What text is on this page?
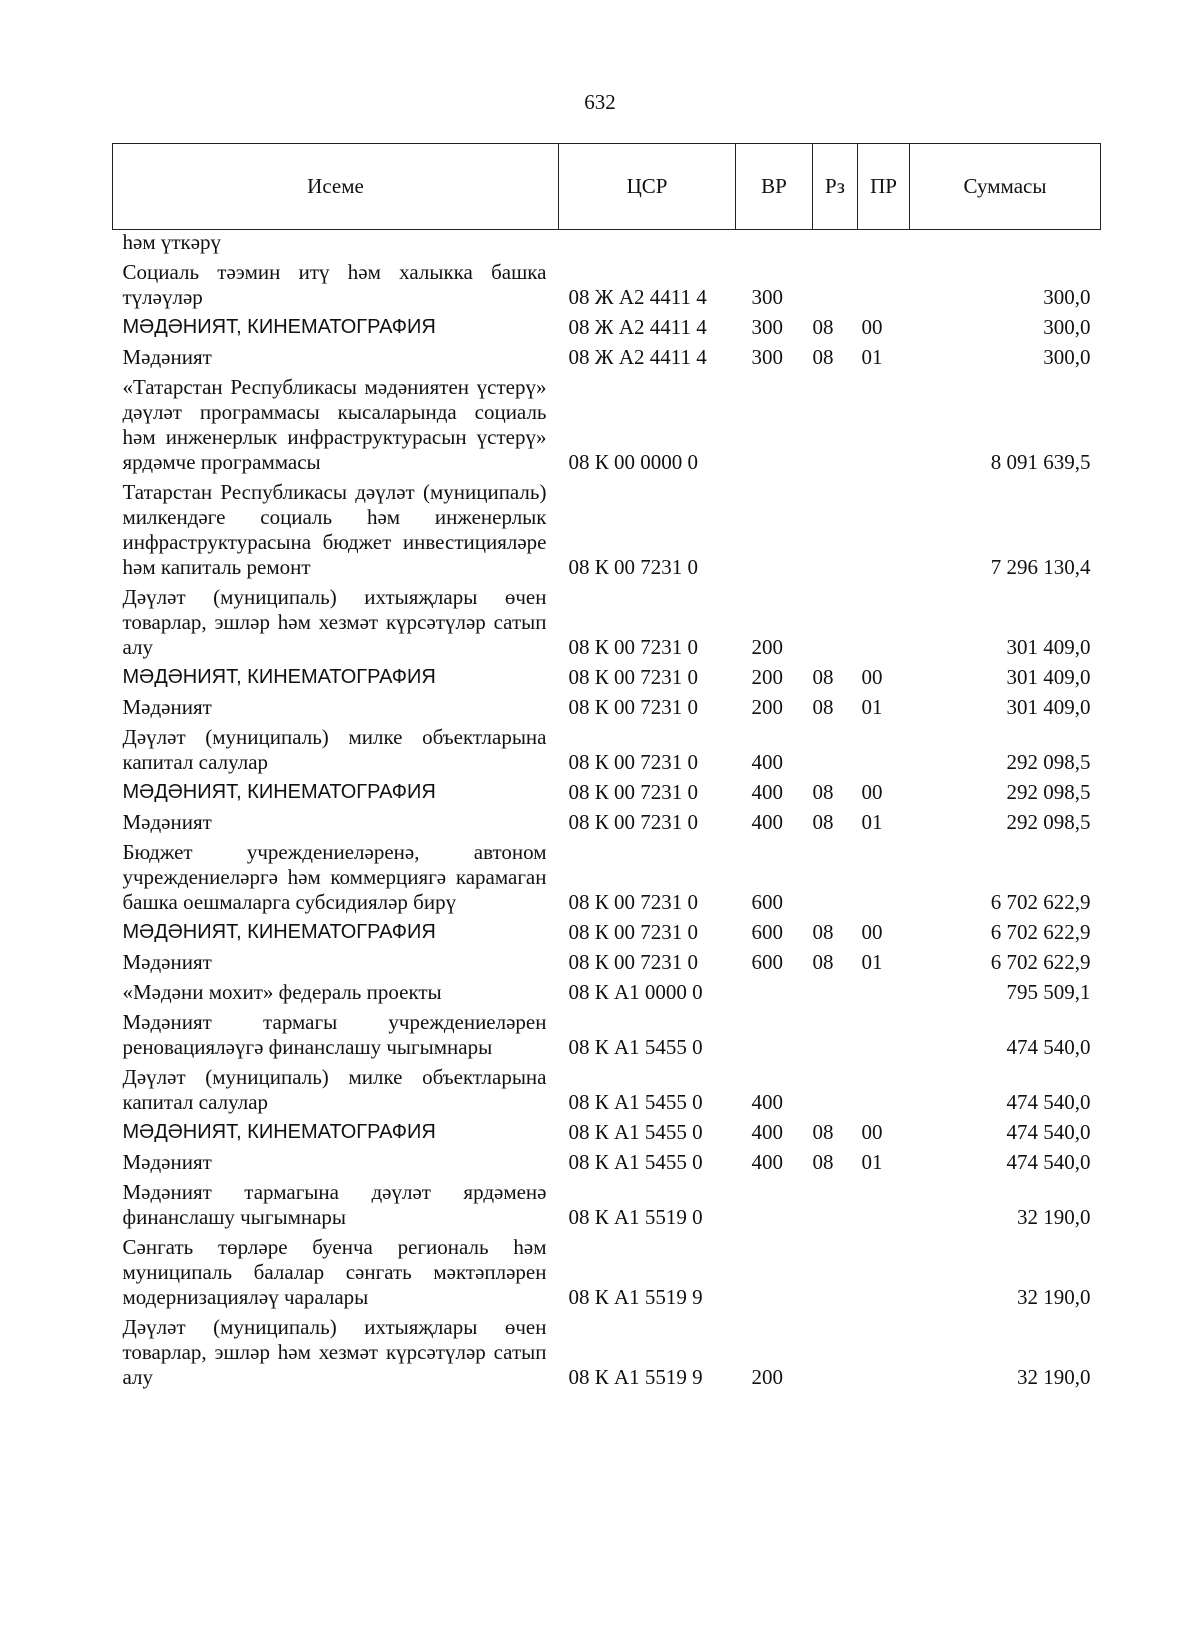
632
Исеме	ЦСР	ВР	Рз	ПР	Суммасы
һәм үткәрү					
Социаль тәэмин итү һәм халыкка башка түләүләр	08 Ж А2 4411 4	300			300,0
МӘДӘНИЯТ, КИНЕМАТОГРАФИЯ	08 Ж А2 4411 4	300	08	00	300,0
Мәдәният	08 Ж А2 4411 4	300	08	01	300,0
«Татарстан Республикасы мәдәниятен үстерү» дәүләт программасы кысаларында социаль һәм инженерлык инфраструктурасын үстерү» ярдәмче программасы	08 К 00 0000 0				8 091 639,5
Татарстан Республикасы дәүләт (муниципаль) милкендәге социаль һәм инженерлык инфраструктурасына бюджет инвестицияләре һәм капиталь ремонт	08 К 00 7231 0				7 296 130,4
Дәүләт (муниципаль) ихтыяҗлары өчен товарлар, эшләр һәм хезмәт күрсәтүләр сатып алу	08 К 00 7231 0	200			301 409,0
МӘДӘНИЯТ, КИНЕМАТОГРАФИЯ	08 К 00 7231 0	200	08	00	301 409,0
Мәдәният	08 К 00 7231 0	200	08	01	301 409,0
Дәүләт (муниципаль) милке объектларына капитал салулар	08 К 00 7231 0	400			292 098,5
МӘДӘНИЯТ, КИНЕМАТОГРАФИЯ	08 К 00 7231 0	400	08	00	292 098,5
Мәдәният	08 К 00 7231 0	400	08	01	292 098,5
Бюджет учреждениеләренә, автоном учреждениеләргә һәм коммерциягә карамаган башка оешмаларга субсидияләр бирү	08 К 00 7231 0	600			6 702 622,9
МӘДӘНИЯТ, КИНЕМАТОГРАФИЯ	08 К 00 7231 0	600	08	00	6 702 622,9
Мәдәният	08 К 00 7231 0	600	08	01	6 702 622,9
«Мәдәни мохит» федераль проекты	08 К А1 0000 0				795 509,1
Мәдәният тармагы учреждениеләрен реновацияләүгә финанслашу чыгымнары	08 К А1 5455 0				474 540,0
Дәүләт (муниципаль) милке объектларына капитал салулар	08 К А1 5455 0	400			474 540,0
МӘДӘНИЯТ, КИНЕМАТОГРАФИЯ	08 К А1 5455 0	400	08	00	474 540,0
Мәдәният	08 К А1 5455 0	400	08	01	474 540,0
Мәдәният тармагына дәүләт ярдәменә финанслашу чыгымнары	08 К А1 5519 0				32 190,0
Сәнгать төрләре буенча региональ һәм муниципаль балалар сәнгать мәктәпләрен модернизацияләү чаралары	08 К А1 5519 9				32 190,0
Дәүләт (муниципаль) ихтыяҗлары өчен товарлар, эшләр һәм хезмәт күрсәтүләр сатып алу	08 К А1 5519 9	200			32 190,0
